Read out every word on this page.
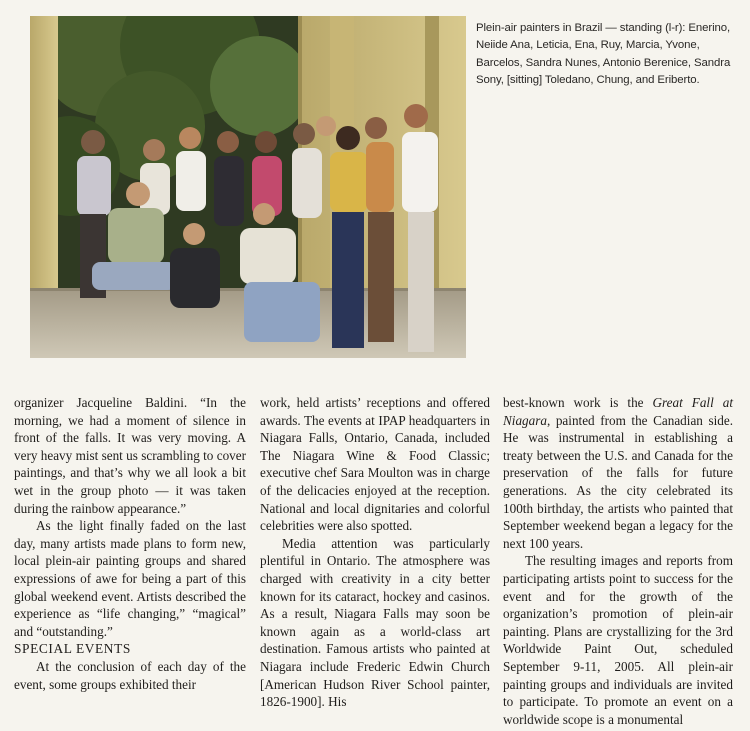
Plein-air painters in Brazil — standing (l-r): Enerino, Neiide Ana, Leticia, Ena, Ruy, Marcia, Yvone, Barcelos, Sandra Nunes, Antonio Berenice, Sandra Sony, [sitting] Toledano, Chung, and Eriberto.

organizer Jacqueline Baldini. “In the morning, we had a moment of silence in front of the falls. It was very moving. A very heavy mist sent us scrambling to cover paintings, and that’s why we all look a bit wet in the group photo — it was taken during the rainbow appearance.”

As the light finally faded on the last day, many artists made plans to form new, local plein-air painting groups and shared expressions of awe for being a part of this global weekend event. Artists described the experience as “life changing,” “magical” and “outstanding.”

SPECIAL EVENTS

At the conclusion of each day of the event, some groups exhibited their

work, held artists’ receptions and offered awards. The events at IPAP headquarters in Niagara Falls, Ontario, Canada, included The Niagara Wine & Food Classic; executive chef Sara Moulton was in charge of the delicacies enjoyed at the reception. National and local dignitaries and colorful celebrities were also spotted.

Media attention was particularly plentiful in Ontario. The atmosphere was charged with creativity in a city better known for its cataract, hockey and casinos. As a result, Niagara Falls may soon be known again as a world-class art destination. Famous artists who painted at Niagara include Frederic Edwin Church [American Hudson River School painter, 1826-1900]. His

best-known work is the Great Fall at Niagara, painted from the Canadian side. He was instrumental in establishing a treaty between the U.S. and Canada for the preservation of the falls for future generations. As the city celebrated its 100th birthday, the artists who painted that September weekend began a legacy for the next 100 years.

The resulting images and reports from participating artists point to success for the event and for the growth of the organization’s promotion of plein-air painting. Plans are crystallizing for the 3rd Worldwide Paint Out, scheduled September 9-11, 2005. All plein-air painting groups and individuals are invited to participate. To promote an event on a worldwide scope is a monumental
